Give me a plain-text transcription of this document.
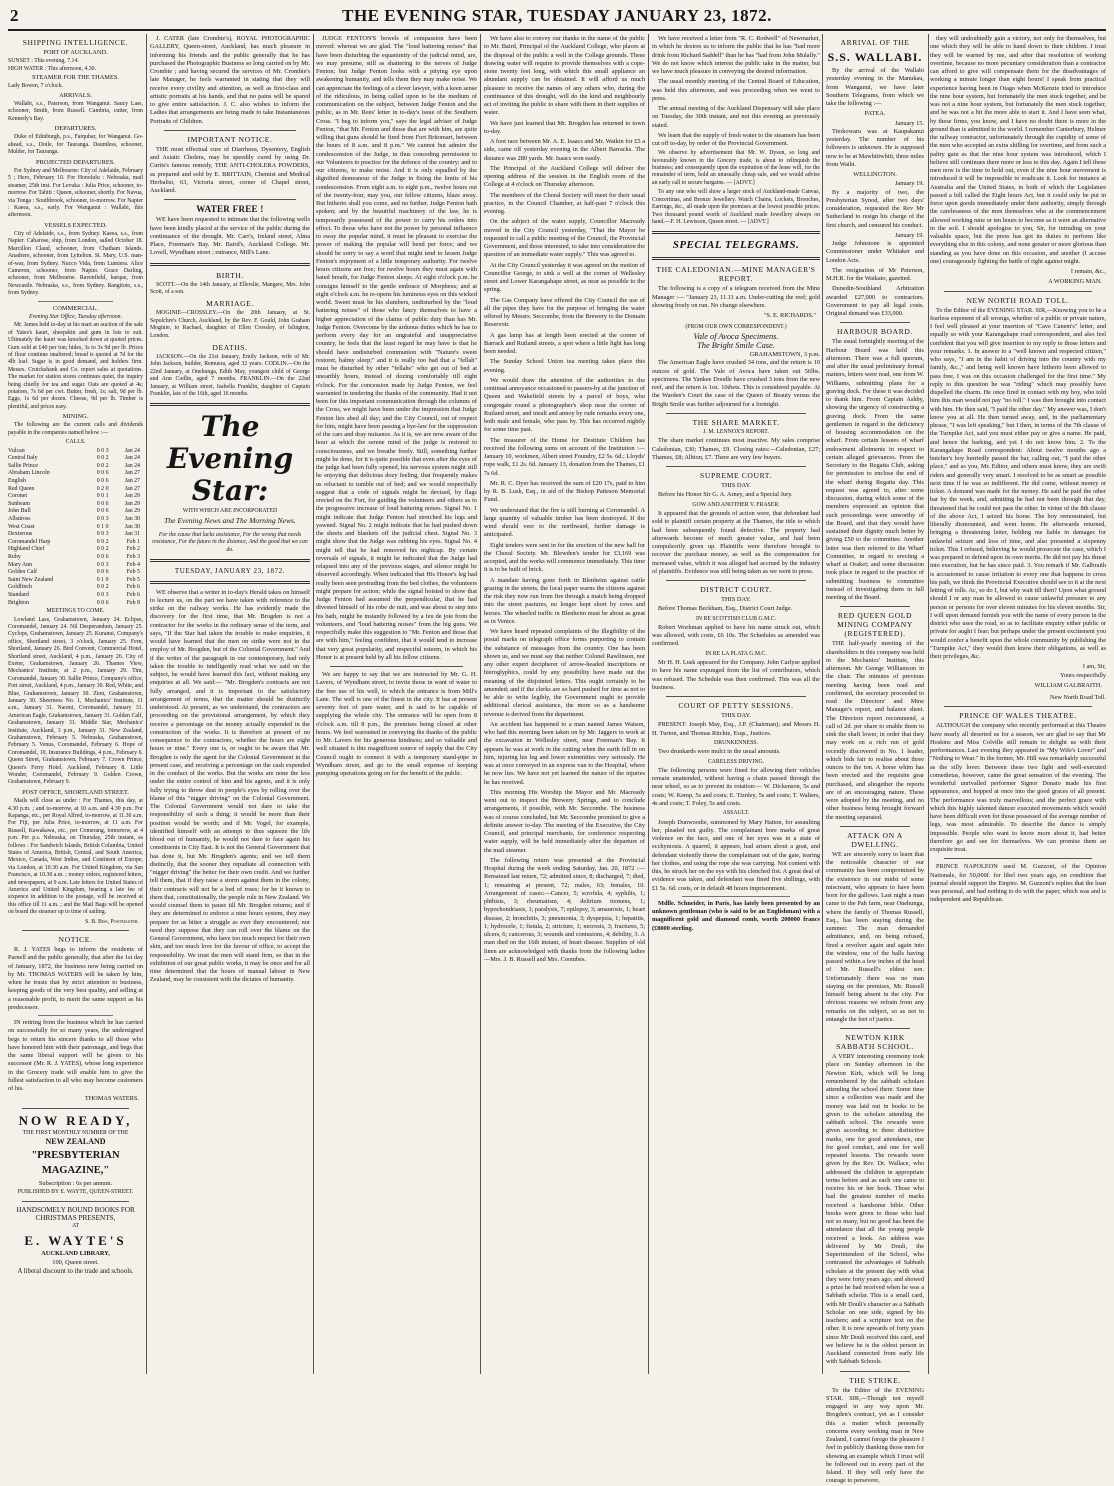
2	THE EVENING STAR, TUESDAY JANUARY 23, 1872.
SHIPPING INTELLIGENCE.
PORT OF AUCKLAND.
SUNSET : This evening, 7.14.
HIGH WATER : This afternoon, 4.30.
STEAMER FOR THE THAMES.
Lady Bowen, 7 o'clock.
ARRIVALS.

Wallabi, s.s., Paterson, from Wanganui. Saucy Lass, schooner, Smith, from Russell. Cambria, cutter, from Kennedy's Bay.

DEPARTURES.

Duke of Edinburgh, p.s., Farquhar, for Wanganui. Go-ahead, s.s., Doile, for Tauranga. Dauntless, schooner, Mulder, for Tauranga.

PROJECTED DEPARTURES.

For Sydney and Melbourne: City of Adelaide, February 5 ; Hero, February 10. For Honolulu : Nebraska, mail steamer, 25th inst. For Levuka : Julia Price, schooner, to-morrow. For Tahiti : Queen, schooner, shortly. For Navua, via Tonga : Southbrook, schooner, to-morrow. For Napier : Kaeea, s.s., early. For Wanganui : Wallabi, this afternoon.

VESSELS EXPECTED.

City of Adelaide, s.s., from Sydney. Kaeea, s.s., from Napier. Cabarose, ship, from London, sailed October 18. Marcillon Claud, schooner, from Chatham Islands. Anadrere, schooner, from Lyttelton. St. Mary, U.S. man-of-war, from Sydney. Nucco Vida, from Lumiera. Alice Cameron, schooner, from Napier. Grace Darling, schooner, from Melbourne. Ravenfield, barque, from Newcastle. Nebraska, s.s., from Sydney. Rangitoto, s.s., from Sydney.

COMMERCIAL.
Evening Star Office, Tuesday afternoon.

Mr. James held to-day at his mart an auction of the sale of Yates's kauri, sheepskin and gum in lots to suit. Ultimately the kauri was knocked down at quoted prices. Gum sold at £40 per ton; hides, 3s to 3s 9d per lb. Prices of flour continue unaltered; bread is quoted at 7d for the 4lb loaf. Sugar is in good demand, and holders firm. Messrs. Cruickshank and Co. report sales at quotations. The market for station stores continues quiet, the inquiry being chiefly for tea and sugar. Oats are quoted at 4s; potatoes, 7s 6d per cwt. Butter, fresh, 1s; salt, 9d per lb. Eggs, 1s 6d per dozen. Cheese, 9d per lb. Timber is plentiful, and prices easy.

MINING.

The following are the current calls and dividends payable in the companies named below :—

CALLS.
Vulcan	0 0 3	Jan 24
Central Italy	0 0 2	Jan 24
Sallie Prince	0 0 2	Jan 24
Abraham Lincoln	0 0 6	Jan 27
English	0 0 6	Jan 27
Red Queen	0 2 0	Jan 27
Coronet	0 0 1	Jan 29
Sunbeam	0 0 6	Jan 29
John Bull	0 0 6	Jan 29
Albatross	0 0 3	Jan 30
West Coast	0 1 0	Jan 30
Dexterous	0 0 3	Jan 31
Coromandel Harp	0 0 2	Feb 1
Highland Chief	0 0 2	Feb 2
Ruby	0 0 6	Feb 3
Mary Ann	0 0 3	Feb 4
Golden Calf	0 0 6	Feb 5
Saint New Zealand	0 1 0	Feb 5
Goldfinch	0 0 2	Feb 6
Standard	0 0 3	Feb 6
Brighton	0 0 6	Feb 8
MEETINGS TO COME.

Lowland Lass, Grahamstown, January 24. Eclipse, Coromandel, January 24. Nil Desperandum, January 25. Cyclops, Grahamstown, January 25. Kuranui, Company's office, Shortland street, 3 o'clock, January 25. Fern, Shortland, January 26. Bird Convent, Commercial Hotel, Shortland street, Auckland, 4 p.m., January 26. City of Exeter, Grahamstown, January 26. Thames View, Mechanics' Institute, at 2 p.m., January 29. Tim, Coromandel, January 30. Sallie Prince, Company's office, Fort street, Auckland, 4 p.m., January 30. Red, White, and Blue, Grahamstown, January 30. Zion, Grahamstown, January 30. Sheerness No. 1, Mechanics' Institute, 11 a.m., January 31. Naomi, Coromandel, January 31. American Eagle, Grahamstown, January 31. Golden Calf, Grahamstown, January 31. Middle Star, Mechanics' Institute, Auckland, 3 p.m., January 31. New Zealand, Grahamstown, February 5. Nebraska, Grahamstown, February 5. Venus, Coromandel, February 6. Hope of Coromandel, 10, Insurance Buildings, 4 p.m., February 6. Queen Street, Grahamstown, February 7. Crown Prince, Queen's Ferry Hotel, Auckland, February 8. Little Wonder, Coromandel, February 9. Golden Crown, Grahamstown, February 9.

POST OFFICE, SHORTLAND STREET.

Mails will close as under : For Thames, this day, at 4.30 p.m. ; and to-morrow, at 10 a.m. and 4.30 p.m. For Kapanga, etc., per Royal Alfred, to-morrow, at 11.30 a.m. For Fiji, per Julia Price, to-morrow, at 11 a.m. For Russell, Kawakawa, etc., per Comerang, tomorrow, at 4 p.m. Per p.s. Nebraska, on Thursday, 25th instant, as follows : For Sandwich Islands, British Columbia, United States of America, British, Central, and South America, Mexico, Canada, West Indies, and Continent of Europe, via London, at 10.30 a.m. For United Kingdom, via San Francisco, at 10.30 a.m. ; money orders, registered letters, and newspapers, at 9 a.m. Late letters for United States of America and United Kingdom, bearing a late fee of sixpence in addition to the postage, will be received at this office till 11 a.m. ; and the Mail Bags will be opened on board the steamer up to time of sailing.

S. B. Biss, Postmaster.
NOTICE.

R. J. YATES begs to inform the residents of Parnell and the public generally, that after the 1st day of January, 1872, the business now being carried on by Mr. THOMAS WATERS will be taken by him, when he trusts that by strict attention to business, keeping goods of the very best quality, and selling at a reasonable profit, to merit the same support as his predecessor.

IN retiring from the business which he has carried on successfully for so many years, the undersigned begs to return his sincere thanks to all those who have honored him with their patronage, and begs that the same liberal support will be given to his successor (Mr. R. J. YATES), whose long experience in the Grocery trade will enable him to give the fullest satisfaction to all who may become customers of his.

THOMAS WATERS.
NOW READY,
THE FIRST MONTHLY NUMBER OF THE
NEW ZEALAND
"PRESBYTERIAN MAGAZINE,"
Subscription : 6s per annum.
PUBLISHED BY E. WAYTE, QUEEN-STREET.
HANDSOMELY BOUND BOOKS FOR CHRISTMAS PRESENTS,
AT
E. WAYTE'S
AUCKLAND LIBRARY,
100, Queen street.
A liberal discount to the trade and schools.

J. CATER (late Crombie's), ROYAL PHOTOGRAPHIC GALLERY, Queen-street, Auckland, has much pleasure in informing his friends and the public generally that he has purchased the Photographic Business so long carried on by Mr. Crombie ; and having secured the services of Mr. Crombie's late Manager, he feels warranted in stating that they will receive every civility and attention, as well as first-class and artistic portraits at his hands, and that no pains will be spared to give entire satisfaction. J. C. also wishes to inform the Ladies that arrangements are being made to take Instantaneous Portraits of Children.

IMPORTANT NOTICE.

THE most effectual cure of Diarrhoea, Dysentery, English and Asiatic Cholera, may be speedily cured by using Dr. Curtis's famous remedy, THE ANTI-CHOLERA POWDERS, as prepared and sold by E. BRITTAIN, Chemist and Medical Herbalist, 63, Victoria street, corner of Chapel street, Auckland.

WATER FREE !

WE have been requested to intimate that the following wells have been kindly placed at the service of the public during the continuance of the drought. Mr. Carr's, Ireland street, Alma Place, Freeman's Bay. Mr. Baird's, Auckland College. Mr. Lovell, Wyndham street ; entrance, Mill's Lane.

BIRTH.

SCOTT.—On the 14th January, at Ellerslie, Mangere, Mrs. John Scott, of a son.

MARRIAGE.

MOGINIE—CROSSLEY.—On the 20th January, at St. Sepulchre's Church, Auckland, by the Rev. F. Gould, John Graham Moginie, to Rachael, daughter of Ellen Crossley, of Islington, London.

DEATHS.

JACKSON.—On the 21st January, Emily Jackson, wife of Mr. John Jackson, builder, Remuera, aged 32 years. CODLIN.—On the 22nd January, at Onehunga, Edith May, youngest child of George and Ann Codlin, aged 7 months. FRANKLIN.—On the 22nd January, at William street, Isabella Franklin, daughter of Captain Franklin, late of the 16th, aged 16 months.

The Evening Star:
WITH WHICH ARE INCORPORATED
The Evening News and The Morning News.
For the cause that lacks assistance, For the wrong that needs resistance, For the future in the distance, And the good that we can do.
TUESDAY, JANUARY 23, 1872.

WE observe that a writer in to-day's Herald takes on himself to lecture us, on the part we have taken with reference to the strike on the railway works. He has evidently made the discovery for the first time, that Mr. Brogden is not a contractor for the works in the ordinary sense of the term, and says, "If the Star had taken the trouble to make enquiries, it would have learned that the men on strike were not in the employ of Mr. Brogden, but of the Colonial Government." And if the writer of the paragraph in our contemporary, had only taken the trouble to intelligently read what we said on the subject, he would have learned this fact, without making any enquiries at all. We said:— "Mr. Brogden's contracts are not fully arranged, and it is important to the satisfactory arrangement of terms, that the matter should be distinctly understood. At present, as we understand, the contractors are proceeding on the provisional arrangement, by which they receive a percentage on the money actually expended in the construction of the works. It is therefore at present of no consequence to the contractors, whether the hours are eight hours or nine." Every one is, or ought to be aware that Mr. Brogden is only the agent for the Colonial Government in the present case, and receiving a percentage on the cash expended in the conduct of the works. But the works are none the less under the entire control of him and his agents, and it is only fully trying to throw dust in people's eyes by rolling over the blame of this "nigger driving" on the Colonial Government. The Colonial Government would not dare to take the responsibility of such a thing; it would be more than their position would be worth; and if Mr. Vogel, for example, identified himself with an attempt to thus squeeze the life blood out of humanity, he would not dare to face again his constituents in City East. It is not the General Government that has done it, but Mr. Brogden's agents; and we tell them distinctly, that the sooner they repudiate all connection with "nigger driving" the better for their own credit. And we further tell them, that if they raise a storm against them in the colony, their contracts will not be a bed of roses; for be it known to them that, constitutionally, the people rule in New Zealand. We would counsel them to pause till Mr. Brogden returns; and if they are determined to enforce a nine hours system, they may prepare for as bitter a struggle as ever they encountered; nor need they suppose that they can roll over the blame on the General Government, who have too much respect for their own skin, and too much love for the favour of office, to accept the responsibility. We trust the men will stand firm, so that in the exhibition of our great public works, it may be once and for all time determined that the hours of manual labour in New Zealand, may be consistent with the dictates of humanity.

JUDGE FENTON'S bowels of compassion have been moved: whereat we are glad. The "loud battering noises" that have been disturbing the equanimity of the judicial mind, are, we may presume, still as shattering to the nerves of Judge Fenton; but Judge Fenton looks with a pitying eye upon awakening humanity, and tells them they may make noise. We can appreciate the feelings of a clever lawyer, with a keen sense of the ridiculous, in being called upon to be the medium of communication on the subject, between Judge Fenton and the public, as in Mr. Rees' letter in to-day's issue of the Southern Cross. "I beg to inform you," says the legal adviser of Judge Fenton, "that Mr. Fenton and those that are with him, are quite willing that guns should be fired from Fort Britomart, between the hours of 8 a.m. and 8 p.m." We cannot but admire the condescension of the Judge, in thus conceding permission to our Volunteers to practice for the defence of the country; and to our citizens, to make noise. And it is only equalled by the dignified demeanour of the Judge in fixing the limits of his condescension. From eight a.m. to eight p.m., twelve hours out of the twenty-four, may you, our fellow citizens, blaze away. But hitherto shall you come, and no further. Judge Fenton hath spoken; and by the beautiful machinery of the law, he is temporarily possessed of the power to carry his orders into effect. To those who have not the power by personal influence to sway the popular mind, it must be pleasant to exercise the power of making the popular will bend per force; and we should be sorry to say a word that might tend to lessen Judge Fenton's enjoyment of a little temporary authority. For twelve hours citizens are free; for twelve hours they must again with bated breath, for Judge Fenton sleeps. At eight o'clock p.m. he consigns himself to the gentle embrace of Morpheus; and at eight o'clock a.m. he re-opens his luminous eyes on this wicked world. Sweet must be his slumbers, undisturbed by the "loud battering noises" of those who fancy themselves to have a higher appreciation of the claims of public duty than has Mr. Judge Fenton. Overcome by the arduous duties which he has to perform every day for an ungrateful and unappreciative country, he feels that the least regard he may have is that he should have undisturbed communion with "Nature's sweet restorer, balmy sleep;" and it is really too bad that a "fellah" must be disturbed by other "fellahs" who get out of bed at unearthly hours, instead of dozing comfortably till eight o'clock. For the concession made by Judge Fenton, we feel warranted in tendering the thanks of the community. Had it not been for this important communication through the columns of the Cross, we might have been under the impression that Judge Fenton lies abed all day; and the City Council, out of respect for him, might have been passing a bye-law for the suppression of the cars and dray nuisance. As it is, we are now aware of the hour at which the serene mind of the judge is restored to consciousness, and we breathe freely. Still, something further might be done, for it is quite possible that even after the eyes of the judge had been fully opened, his nervous system might still be enjoying that delicious dozy feeling, that frequently makes us reluctant to tumble out of bed; and we would respectfully suggest that a code of signals might be devised, by flags erected on the Fort, for guiding the volunteers and others as to the progressive increase of loud battering noises. Signal No. 1 might indicate that Judge Fenton had stretched his legs and yawned. Signal No. 2 might indicate that he had pushed down the sheets and blankets off the judicial chest. Signal No. 3 might show that the Judge was rubbing his eyes. Signal No. 4 might tell that he had removed his nightcap. By certain reversals of signals, it might be indicated that the Judge had relapsed into any of the previous stages, and silence might be observed accordingly. When indicated that His Honor's leg had really been seen protruding from the bed clothes, the volunteers might prepare for action; while the signal hoisted to show that Judge Fenton had assumed the perpendicular, that he had divested himself of his robe de nuit, and was about to step into his bath, might be instantly followed by a feu de joie from the volunteers, and "loud battering noises" from the big guns. We respectfully make this suggestion to "Mr. Fenton and those that are with him," feeling confident, that it would tend to increase that very great popularity, and respectful esteem, in which his Honor is at present held by all his fellow citizens.

We are happy to say that we are instructed by Mr. G. H. Lavers, of Wyndham street, to invite those in want of water to the free use of his well, to which the entrance is from Mill's Lane. The well is one of the finest in the city. It has at present seventy feet of pure water, and is said to be capable of supplying the whole city. The entrance will be open from 8 o'clock a.m. till 8 p.m., the premises being closed at other hours. We feel warranted in conveying the thanks of the public to Mr. Lavers for his generous kindness; and so valuable and well situated is this magnificent source of supply that the City Council ought to connect it with a temporary stand-pipe in Wyndham street, and go to the small expense of keeping pumping operations going on for the benefit of the public.

We have also to convey our thanks in the name of the public to Mr. Baird, Principal of the Auckland College, who places at the disposal of the public a well in the College grounds. These drawing water will require to provide themselves with a cope-stone twenty feet long, with which this small appliance an abundant supply can be obtained. It will afford us much pleasure to receive the names of any others who, during the continuance of this drought, will do the kind and neighbourly act of inviting the public to share with them in their supplies of water.

We have just learned that Mr. Brogden has returned to town to-day.

A foot race between Mr. A. E. Isaacs and Mr. Watkin for £5 a side, came off yesterday evening in the Albert Barracks. The distance was 280 yards. Mr. Isaacs won easily.

The Principal of the Auckland College will deliver the opening address of the session in the English room of the College at 4 o'clock on Thursday afternoon.

The members of the Choral Society will meet for their usual practice, in the Council Chamber, at half-past 7 o'clock this evening.

On the subject of the water supply, Councillor Macready moved in the City Council yesterday, "That the Mayor be requested to call a public meeting of the Council, the Provincial Government, and those interested, to take into consideration the question of an immediate water supply." This was agreed to.

At the City Council yesterday it was agreed on the motion of Councillor George, to sink a well at the corner of Wellesley street and Lower Karangahape street, as near as possible to the spring.

The Gas Company have offered the City Council the use of all the pipes they have for the purpose of bringing the water offered by Messrs. Seccombe, from the Brewery to the Domain Reservoir.

A gas lamp has at length been erected at the corner of Barrack and Rutland streets, a spot where a little light has long been needed.

The Sunday School Union tea meeting takes place this evening.

We would draw the attention of the authorities to the continual annoyance occasioned to passers-by at the junction of Queen and Wakefield streets by a parcel of boys, who congregate round a photographer's shop near the corner of Rutland street, and insult and annoy by rude remarks every one, both male and female, who pass by. This has occurred nightly for some time past.

The treasurer of the Home for Destitute Children has received the following sums on account of the Institution :—January 10, workmen, Albert street Foundry, £2 5s. 6d.; Lloyds' rope walk, £1 2s. 6d. January 13, donation from the Thames, £1 7s 6d.

Mr. R. C. Dyer has received the sum of £20 17s, paid to him by R. B. Lusk, Esq., in aid of the Bishop Patteson Memorial Fund.

We understand that the fire is still burning at Coromandel. A large quantity of valuable timber has been destroyed. If the wind should veer to the northward, further damage is anticipated.

Eight tenders were sent in for the erection of the new hall for the Choral Society. Mr. Blewden's tender for £3,169 was accepted, and the works will commence immediately. This time it is to be built of brick.

A mandate having gone forth in Blenheim against cattle grazing in the streets, the local paper warns the citizens against the risk they now run from fire through a match being dropped into the street pastures, no longer kept short by cows and horses. The wheeled traffic in Blenheim must be about as great as in Venice.

We have heard repeated complaints of the illegibility of the postal marks on telegraph office forms purporting to contain the substance of messages from the country. One has been shown us, and we must say that neither Colonel Rawlinson, nor any other expert decipherer of arrow-headed inscriptions or hieroglyphics, could by any possibility have made out the meaning of the disjointed letters. This ought certainly to be amended; and if the clerks are so hard pushed for time as not to be able to write legibly, the Government ought to provide additional clerical assistance, the more so as a handsome revenue is derived from the department.

An accident has happened to a man named James Watson, who had this morning been taken on by Mr. Jaggers to work at the excavation in Wellesley street, near Freeman's Bay. It appears he was at work in the cutting when the earth fell in on him, injuring his leg and lower extremities very seriously. He was at once conveyed in an express van to the Hospital, where he now lies. We have not yet learned the nature of the injuries he has received.

This morning His Worship the Mayor and Mr. Macready went out to inspect the Brewery Springs, and to conclude arrangements, if possible, with Mr. Seccombe. The business was of course concluded, but Mr. Seccombe promised to give a definite answer to-day. The meeting of the Executive, the City Council, and principal merchants, for conference respecting water supply, will be held immediately after the departure of the mail steamer.

The following return was presented at the Provincial Hospital during the week ending Saturday, Jan. 20, 1872 :—Remained last return, 72; admitted since, 8; discharged, 7; died, 1; remaining at present, 72; males, 63; females, 10. Arrangement of cases:—Cancer, 5; scrofula, 4; syphilis, 1; phthisis, 3; rheumatism, 4; delirium tremens, 1; hypochondriasis, 1; paralysis, 7; epilepsy, 3; amaurosis, 1; heart disease, 2; bronchitis, 3; pneumonia, 3; dyspepsia, 1; hepatitis, 1; hydrocele, 1; fistula, 2; stricture, 1; necrosis, 3; fractures, 5; ulcers, 6; cancerous, 3; wounds and contusions, 4; debility, 3. A man died on the 16th instant, of heart disease. Supplies of old linen are acknowledged with thanks from the following ladies—Mrs. J. B. Russell and Mrs. Coombes.

We have received a letter from "R. C. Rodwell" of Newmarket, in which he desires us to inform the public that he has "had more drink from Richard Saddell" than he has "had from John Mulally." We do not know which interest the public take in the matter, but we have much pleasure in conveying the desired information.

The usual monthly meeting of the Central Board of Education, was held this afternoon, and was proceeding when we went to press.

The annual meeting of the Auckland Dispensary will take place on Tuesday, the 30th instant, and not this evening as previously stated.

We learn that the supply of fresh water to the steamers has been cut off to-day, by order of the Provincial Government.

We observe by advertisement that Mr. W. Dyson, so long and favourably known in the Grocery trade, is about to relinquish the business; and consequently upon the expiration of the lease will, for the remainder of term, hold an unusually cheap sale, and we would advise an early call to secure bargains. — [ADVT.]

To any one who will show a larger stock of Auckland-made Canvas, Concertinas, and Bronze Jewellery. Watch Chains, Lockets, Brooches, Earrings, &c., all made upon the premises at the lowest possible prices. Two thousand pound worth of Auckland made Jewellery always on hand.—F. H. Lewisson, Queen street. — [ADVT.]

SPECIAL TELEGRAMS.
THE CALEDONIAN.—MINE MANAGER'S REPORT.

The following is a copy of a telegram received from the Mine Manager :— "January 23, 11.11 a.m. Under-cutting the reef; gold showing freely on run. No change elsewhere.

"S. E. RICHARDS."
(FROM OUR OWN CORRESPONDENT.)
Vale of Avoca Specimens.
The Bright Smile Case.
GRAHAMSTOWN, 3 p.m.

The American Eagle have crushed 34 tons, and the return is 10 ounces of gold. The Vale of Avoca have taken out 56lbs. specimens. The Yankee Doodle have crushed 3 tons from the new reef, and the return is 1oz. 10dwts. This is considered payable. At the Warden's Court the case of the Queen of Beauty versus the Bright Smile was further adjourned for a fortnight.

THE SHARE MARKET.
J. M. LENNOX'S REPORT.

The share market continues most inactive. My sales comprise Caledonian, £30; Thames, £9. Closing rates:—Caledonian, £27; Thames, £8; Albion, £7. There are very few buyers.

SUPREME COURT.
THIS DAY.

Before his Honor Sir G. A. Arney, and a Special Jury.

GOW AND ANOTHER V. FRASER.

It appeared that the grounds of action were, that defendant had sold to plaintiff certain property at the Thames, the title to which had been subsequently found defective. The property had afterwards become of much greater value, and had been compulsorily given up. Plaintiffs were therefore brought to recover the purchase money, as well as the compensation for increased value, which it was alleged had accrued by the industry of plaintiffs. Evidence was still being taken as we went to press.

DISTRICT COURT.
THIS DAY.

Before Thomas Beckham, Esq., District Court Judge.

IN RE SCOTTISH CLUB G.M.C.

Robert Workman applied to have his name struck out, which was allowed, with costs, £6 10s. The Schedules as amended was confirmed.

IN RE LA PLATA G.M.C.

Mr H. H. Lusk appeared for the Company. John Carlyse applied to have his name expunged from the list of contributors, which was refused. The Schedule was then confirmed. This was all the business.

COURT OF PETTY SESSIONS.
THIS DAY.

PRESENT: Joseph May, Esq., J.P. (Chairman); and Messrs H. H. Turton, and Thomas Ritchie, Esqs., Justices.

DRUNKENNESS.

Two drunkards were mulct in the usual amounts.

CARELESS DRIVING.

The following persons were fined for allowing their vehicles remain unattended, without having a chain passed through the near wheel, so as to prevent its rotation:— W. Dickenson, 5s and costs; W. Kemp, 5s and costs; E. Tiznley, 5s and costs; T. Walters, 4s and costs; T. Foley, 5s and costs.

ASSAULT.

Joseph Dunwoodie, summoned by Mary Hatton, for assaulting her, pleaded not guilty. The complainant bore marks of great violence on the face, and one of her eyes was in a state of ecchymosis. A quarrel, it appears, had arisen about a goat, and defendant violently threw the complainant out of the gate, tearing her clothes, and using the rope she was carrying. Not content with this, he struck her on the eye with his clenched fist. A great deal of evidence was taken, and defendant was fined five shillings, with £1 5s. 6d. costs, or in default 48 hours imprisonment.

Mdlle. Schneider, in Paris, has lately been presented by an unknown gentleman (who is said to be an Englishman) with a magnificent gold and diamond comb, worth 200000 francs (£8000 sterling.

ARRIVAL OF THE
S.S. WALLABI.

By the arrival of the Wallabi yesterday evening in the Manukau, from Wanganui, we have later Southern Telegrams, from which we take the following :—

PATEA.
January 15.

Titokowaru was at Kaupakanui yesterday. The number of his followers is unknown. He is supposed now to be at Mawhitiwhiti, three miles from Waihi.

WELLINGTON.
January 19.

By a majority of two, the Presbyterian Synod, after two days' consideration, requested the Rev Mr Sutherland to resign his charge of the first church, and censured his conduct.

January 19.

Judge Johnstone is appointed Commissioner under Whitaker and London Acts.

The resignation of Mr Peterson, M.H.R. for the Waikato, gazetted.

Dunedin-Southland Arbitration awarded £27,000 to contractors. Government to pay all legal costs. Original demand was £33,000.

HARBOUR BOARD.

The usual fortnightly meeting of the Harbour Board was held this afternoon. There was a full quorum, and after the usual preliminary formal matters, letters were read, one from W. Williams, submitting plans for a graving dock. For these it was decided to thank him. From Captain Ashby, showing the urgency of constructing a graving dock. From the same gentlemen in regard to the deficiency of housing accommodation on the wharf. From certain lessees of wharf endowment allotments in respect to certain alleged grievances. From the Secretary to the Regatta Club, asking for permission to enclose the end of the wharf during Regatta day. This request was agreed to, after some discussion, during which some of the members expressed an opinion that such proceedings were unworthy of the Board, and that they would have sustained their dignity much better by giving £50 to the committee. Another letter was then referred to the Wharf Committee, in regard to erecting a wharf at Orakei; and some discussion took place in regard to the practice of submitting business to committee instead of investigating them in full meeting of the Board.

RED QUEEN GOLD MINING COMPANY (REGISTERED).

THE half-yearly meeting of the shareholders in this company was held in the Mechanics' Institute, this afternoon. Mr George Williamson in the chair. The minutes of previous meeting having been read and confirmed, the secretary proceeded to read the Directors' and Mine Manager's report, and balance sheet. The Directors report recommend, a call of 2d. per share to enable them to sink the shaft lower, in order that they may work on a rich run of gold recently discovered in No. 1 leader, which bids fair to realise about three ounces to the ton. A horse whim has been erected and the requisite gear purchased, and altogether the reports are of an encouraging nature. These were adopted by the meeting, and no other business being brought forward the meeting separated.

ATTACK ON A DWELLING.

WE are sincerely sorry to learn that the noticeable character of our community has been compromised by the existence in our midst of some miscreant, who appears to have been born for the gallows. Last night a man came to the Pah farm, near Onehunga, where the family of Thomas Russell, Esq., has been staying during the summer. The man demanded admittance, and, on being refused, fired a revolver again and again into the window, one of the balls having passed within a few inches of the head of Mr. Russell's eldest son. Unfortunately there was no man staying on the premises, Mr. Russell himself being absent in the city. For obvious reasons we refrain from any remarks on the subject, so as not to entangle the feet of justice.

NEWTON KIRK SABBATH SCHOOL.

A VERY interesting ceremony took place on Sunday afternoon in the Newton Kirk, which will be long remembered by the sabbath scholars attending the school there. Some time since a collection was made and the money was laid out in books to be given to the scholars attending the sabbath school. The rewards were given according to three distinctive marks, one for good attendance, one for good conduct, and one for well repeated lessons. The rewards were given by the Rev. Dr. Wallace, who addressed the children in appropriate terms before and as each one came to receive his or her book. Those who had the greatest number of marks received a handsome bible. Other books were given to those who had not so many, but no good has been the attendance that all the young people received a book. An address was delivered by Mr Douli, the Superintendent of the School, who contrasted the advantages of Sabbath scholars at the present day with what they were forty years ago; and showed a prize he had received when he was a Sabbath scholar. This is a small card, with Mr Douli's character as a Sabbath Scholar on one side, signed by his teachers; and a scripture text on the other. It is now upwards of forty years since Mr Douli received this card, and we believe he is the oldest person in Auckland connected from early life with Sabbath Schools.

THE STRIKE.

To the Editor of the EVENING STAR. SIR,—Though not myself engaged in any way upon Mr. Brogden's contract, yet as I consider this a matter which personally concerns every working man in New Zealand, I cannot forego the pleasure I feel in publicly thanking those men for showing an example which I trust will be followed out in every part of the Island. If they will only have the courage to persevere,

they will undoubtedly gain a victory, not only for themselves, but one which they will be able to hand down to their children. I trust they will be warned by me, and after that resolution of working overtime, because no more pecuniary consideration than a contractor can afford to give will compensate them for the disadvantages of working a minute longer than eight hours! I speak from practical experience having been in Otago when McKenzie tried to introduce the nine hour system, but fortunately the men stuck together, and he was not a nine hour system, but fortunately the men stuck together, and he was not a bit the more able to start it. And I have seen what, by these firms, you know, and I have no doubt there is more in the ground than is admitted to the world. I remember Canterbury, Helmer the railway contractor, unfortunately through the cupidity of some of the men who accepted an extra shilling for overtime, and from such a paltry gain as that the nine hour system was introduced, which I believe still continues there more or less to this day. Again I tell these men now is the time to hold out, even if the nine hour movement is introduced it will be impossible to eradicate it. Look for instance at Australia and the United States, in both of which the Legislature passed a bill called the Eight hours Act, but it could only be put in force upon goods immediately under their authority, simply through the carelessness of the men themselves who at the commencement allowed working nine or ten hours to become as it were an alternative in the soil. I should apologise to you, Sir, for intruding on your valuable space, but the press has got its duties to perform like everything else in this colony, and none greater or more glorious than standing as you have done on this occasion, and another (I accuse one) courageously fighting the battle of right against might.

I remain, &c.,
A WORKING MAN.
NEW NORTH ROAD TOLL.

To the Editor of the EVENING STAR. SIR,—Knowing you to be a fearless exponent of all wrongs, whether of a public or private nature, I feel well pleased at your insertion of "Cave Canem's" letter, and equally so with your Karangahape road correspondent, and also feel confident that you will give insertion to my reply to those letters and your remarks. 1. In answer to a "well known and respected citizen," who says, "I am in the habit of driving into the country with my family, &c.," and being well known have hitherto been allowed to pass free, I was on this occasion challenged for the first time." My reply to this question he was "riding" which may possibly have dispelled the charm. He once fired in contact with my boy, who told him this man would not pay "no toll." I was then brought into contact with him. He then said, "I paid the other day." My answer was, I don't know you at all. He then turned away, and, in the parliamentary phrase, "I was left speaking," but I then, in terms of the 7th clause of the Turnpike Act, said you must either pay or give a name. He paid, and hence the barking, and yet I do not know him. 2. To the Karangahape Road correspondent: About twelve months ago a butcher's boy hurriedly passed the bar, calling out, "I paid the other place," and as you, Mr. Editor, and others must know, they are swift riders and generally very smart. I resolved to be as smart as possible next time if he was so indifferent. He did come, without money or ticket. A demand was made for the money. He said he paid the other bar by the week, and, admitting he had not been through that day, threatened that he could not pass the other. In virtue of the 8th clause of the above Act, I seized his horse. The boy remonstrated, but liberally dismounted, and went home. He afterwards returned, bringing a threatening letter, holding me liable in damages for unlawful seizure and loss of time, and also presented a sixpenny ticket. This I refused, believing he would prosecute the case, which I was prepared to defend upon its own merits. He did not pay his threat into execution, but he has since paid. 3. You remark if Mr. Galbraith is accustomed to cause irritation to every one that happens to cross his path, we think the Provincial Executive should see to it at the next letting of tolls. Ac, so do I, but why wait till then? Upon what ground should I or any man be allowed to cause unlawful pressure to any person or persons for over eleven minutes for his eleven months. Sir, I will upon demand furnish you with the name of every person in the district who uses the road, so as to facilitate enquiry either public or private for aught I fear; but perhaps under the present excitement you would confer a benefit upon the whole community by publishing the "Turnpike Act," they would then know their obligations, as well as their privileges, &c.

I am, Sir,
Yours respectfully
WILLIAM GALBRAITH.
New North Road Toll.
PRINCE OF WALES THEATRE.

ALTHOUGH the company who recently performed at this Theatre have nearly all deserted us for a season, we are glad to say that Mr Hoskins and Miss Colville still remain to delight us with their performances. Last evening they appeared in "My Wife's Lover" and "Nothing to Wear." In the former, Mr. Hill was remarkably successful as the silly lover. Between these two light and well-executed comedietas, however, came the great sensation of the evening. The wonderful unrivalled performer Signor Donato made his first appearance, and hopped at once into the good graces of all present. The performance was truly marvellous; and the perfect grace with which this highly talented dancer executed movements which would have been difficult even for those possessed of the average number of legs, was most admirable. To describe the dance is simply impossible. People who want to know more about it, had better therefore go and see for themselves. We can promise them an exquisite treat.

PRINCE NAPOLEON sued M. Guzzoni, of the Opinion Nationale, for 50,000f. for libel two years ago, on condition that journal should support the Empire. M. Guzzoni's replies that the loan was personal, and had nothing to do with the paper, which was and is independent and Republican.
